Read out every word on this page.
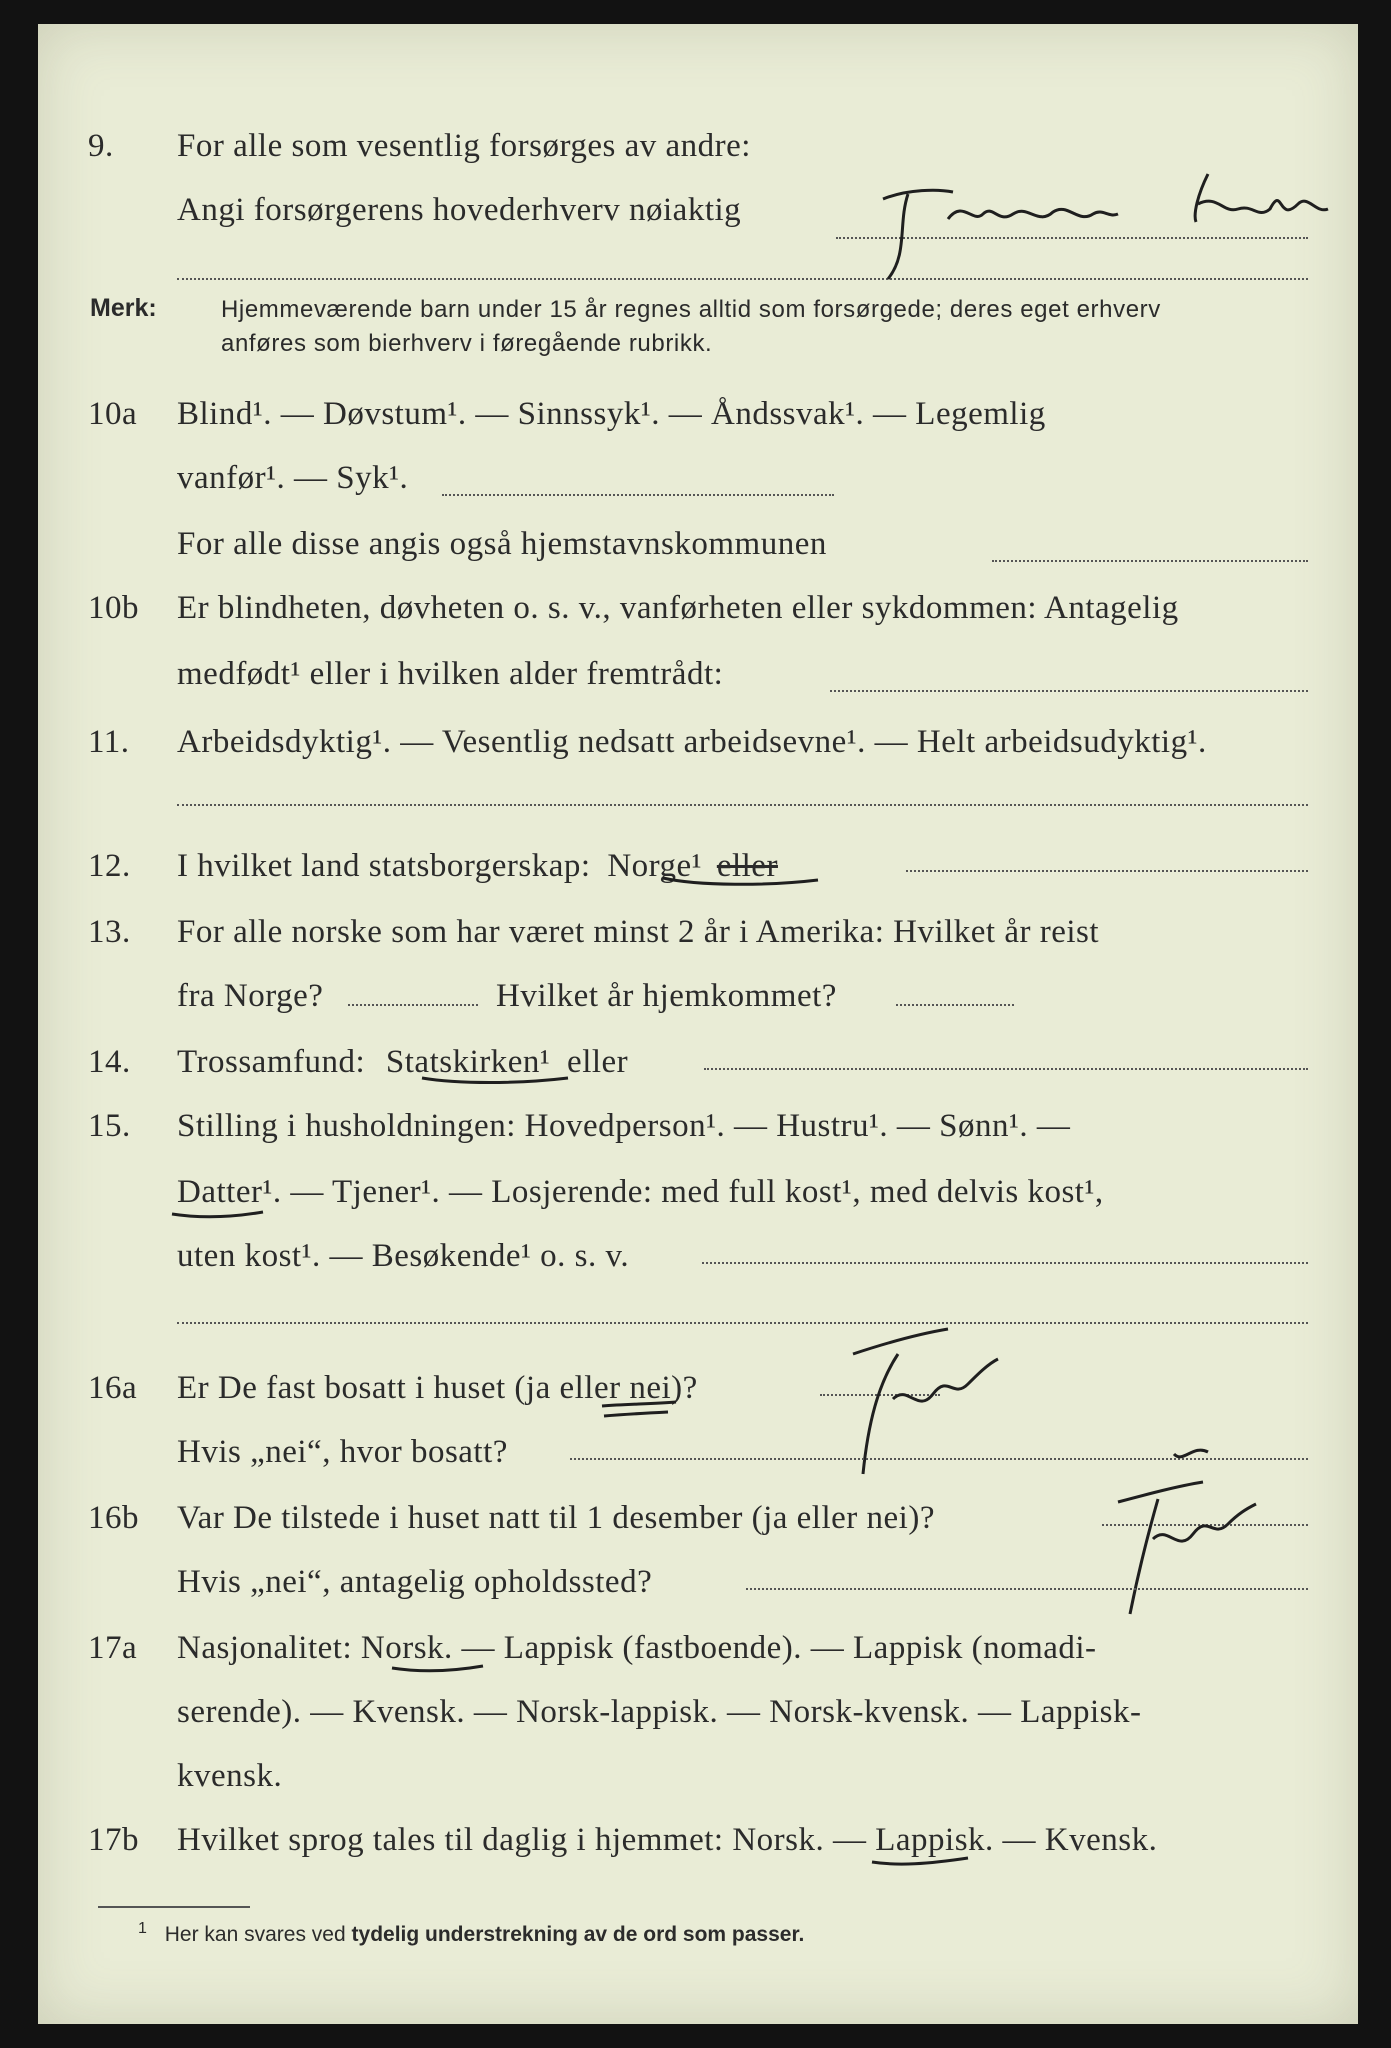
9. For alle som vesentlig forsørges av andre:
Angi forsørgerens hovederhverv nøiaktig
Merk:	Hjemmeværende barn under 15 år regnes alltid som forsørgede; deres eget erhverv
anføres som bierhverv i føregående rubrikk.
10a Blind¹. — Døvstum¹. — Sinnssyk¹. — Åndssvak¹. — Legemlig
vanfør¹. — Syk¹.
For alle disse angis også hjemstavnskommunen
10b Er blindheten, døvheten o. s. v., vanførheten eller sykdommen: Antagelig
medfødt¹ eller i hvilken alder fremtrådt:
11. Arbeidsdyktig¹. — Vesentlig nedsatt arbeidsevne¹. — Helt arbeidsudyktig¹.
12. I hvilket land statsborgerskap: Norge¹ eller
13. For alle norske som har været minst 2 år i Amerika: Hvilket år reist
fra Norge?	Hvilket år hjemkommet?
14. Trossamfund: Statskirken¹ eller
15. Stilling i husholdningen: Hovedperson¹. — Hustru¹. — Sønn¹. —
Datter¹. — Tjener¹. — Losjerende: med full kost¹, med delvis kost¹,
uten kost¹. — Besøkende¹ o. s. v.
16a Er De fast bosatt i huset (ja eller nei)?
Hvis „nei“, hvor bosatt?
16b Var De tilstede i huset natt til 1 desember (ja eller nei)?
Hvis „nei“, antagelig opholdssted?
17a Nasjonalitet: Norsk. — Lappisk (fastboende). — Lappisk (nomadi-
serende). — Kvensk. — Norsk-lappisk. — Norsk-kvensk. — Lappisk-
kvensk.
17b Hvilket sprog tales til daglig i hjemmet: Norsk. — Lappisk. — Kvensk.
$^1$ Her kan svares ved tydelig understrekning av de ord som passer.
